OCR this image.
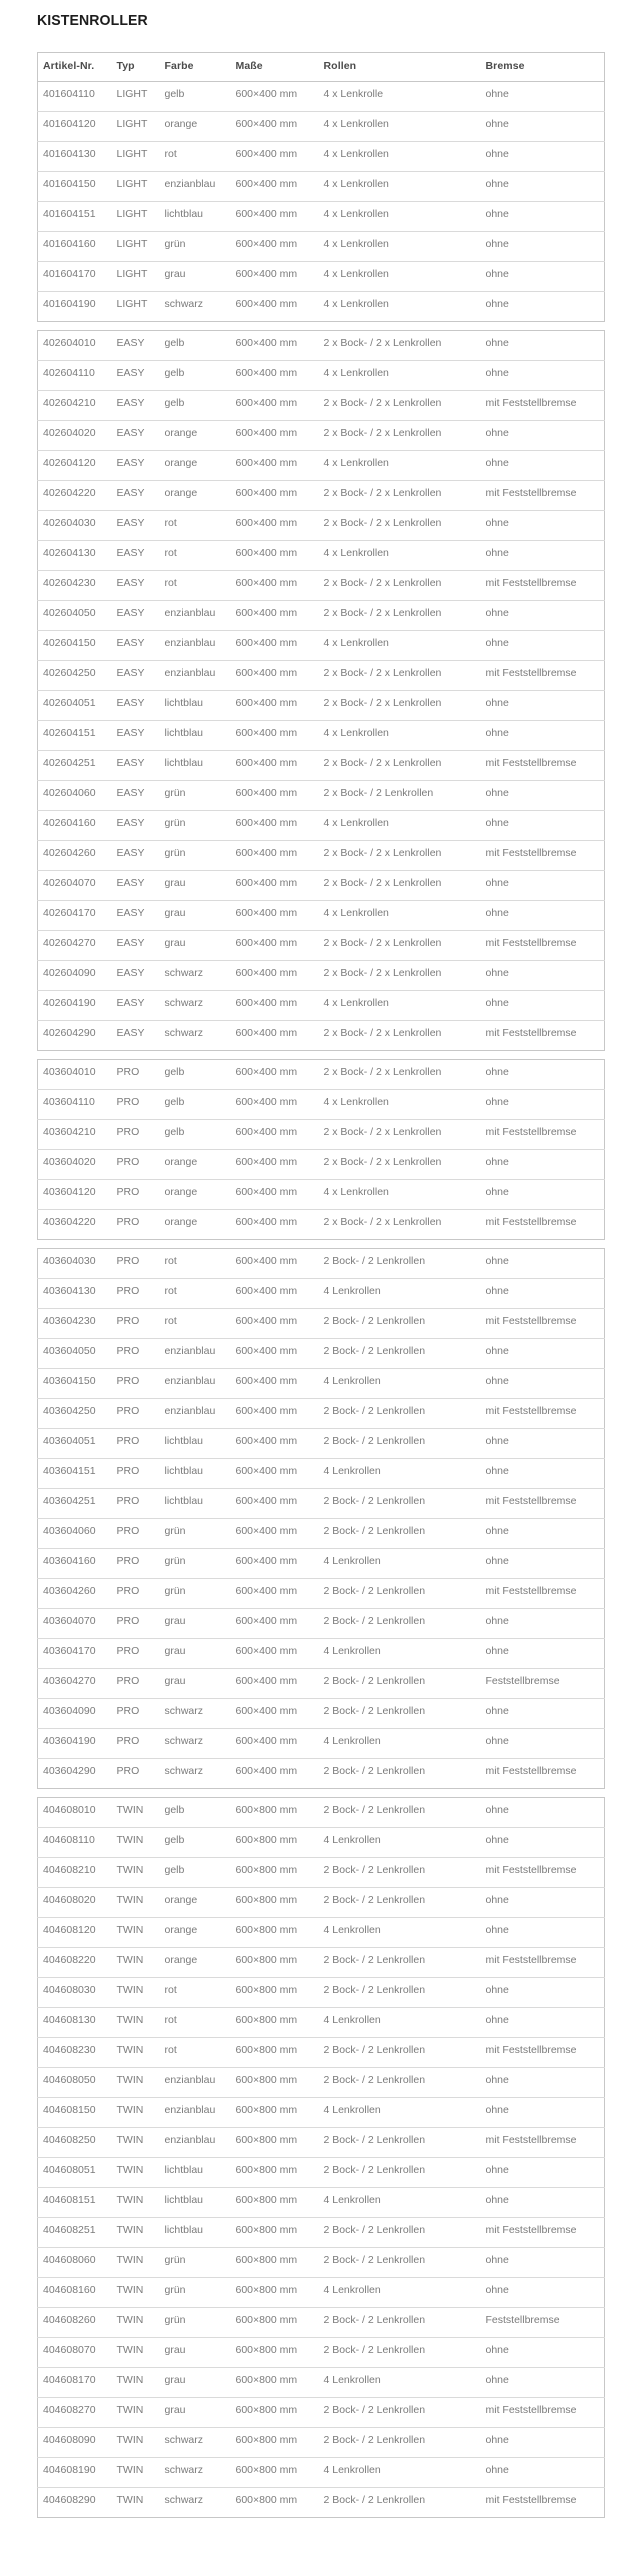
KISTENROLLER
Artikel-Nr.	Typ	Farbe	Maße	Rollen	Bremse
401604110	LIGHT	gelb	600×400 mm	4 x Lenkrolle	ohne
401604120	LIGHT	orange	600×400 mm	4 x Lenkrollen	ohne
401604130	LIGHT	rot	600×400 mm	4 x Lenkrollen	ohne
401604150	LIGHT	enzianblau	600×400 mm	4 x Lenkrollen	ohne
401604151	LIGHT	lichtblau	600×400 mm	4 x Lenkrollen	ohne
401604160	LIGHT	grün	600×400 mm	4 x Lenkrollen	ohne
401604170	LIGHT	grau	600×400 mm	4 x Lenkrollen	ohne
401604190	LIGHT	schwarz	600×400 mm	4 x Lenkrollen	ohne
402604010	EASY	gelb	600×400 mm	2 x Bock- / 2 x Lenkrollen	ohne
402604110	EASY	gelb	600×400 mm	4 x Lenkrollen	ohne
402604210	EASY	gelb	600×400 mm	2 x Bock- / 2 x Lenkrollen	mit Feststellbremse
402604020	EASY	orange	600×400 mm	2 x Bock- / 2 x Lenkrollen	ohne
402604120	EASY	orange	600×400 mm	4 x Lenkrollen	ohne
402604220	EASY	orange	600×400 mm	2 x Bock- / 2 x Lenkrollen	mit Feststellbremse
402604030	EASY	rot	600×400 mm	2 x Bock- / 2 x Lenkrollen	ohne
402604130	EASY	rot	600×400 mm	4 x Lenkrollen	ohne
402604230	EASY	rot	600×400 mm	2 x Bock- / 2 x Lenkrollen	mit Feststellbremse
402604050	EASY	enzianblau	600×400 mm	2 x Bock- / 2 x Lenkrollen	ohne
402604150	EASY	enzianblau	600×400 mm	4 x Lenkrollen	ohne
402604250	EASY	enzianblau	600×400 mm	2 x Bock- / 2 x Lenkrollen	mit Feststellbremse
402604051	EASY	lichtblau	600×400 mm	2 x Bock- / 2 x Lenkrollen	ohne
402604151	EASY	lichtblau	600×400 mm	4 x Lenkrollen	ohne
402604251	EASY	lichtblau	600×400 mm	2 x Bock- / 2 x Lenkrollen	mit Feststellbremse
402604060	EASY	grün	600×400 mm	2 x Bock- / 2 Lenkrollen	ohne
402604160	EASY	grün	600×400 mm	4 x Lenkrollen	ohne
402604260	EASY	grün	600×400 mm	2 x Bock- / 2 x Lenkrollen	mit Feststellbremse
402604070	EASY	grau	600×400 mm	2 x Bock- / 2 x Lenkrollen	ohne
402604170	EASY	grau	600×400 mm	4 x Lenkrollen	ohne
402604270	EASY	grau	600×400 mm	2 x Bock- / 2 x Lenkrollen	mit Feststellbremse
402604090	EASY	schwarz	600×400 mm	2 x Bock- / 2 x Lenkrollen	ohne
402604190	EASY	schwarz	600×400 mm	4 x Lenkrollen	ohne
402604290	EASY	schwarz	600×400 mm	2 x Bock- / 2 x Lenkrollen	mit Feststellbremse
403604010	PRO	gelb	600×400 mm	2 x Bock- / 2 x Lenkrollen	ohne
403604110	PRO	gelb	600×400 mm	4 x Lenkrollen	ohne
403604210	PRO	gelb	600×400 mm	2 x Bock- / 2 x Lenkrollen	mit Feststellbremse
403604020	PRO	orange	600×400 mm	2 x Bock- / 2 x Lenkrollen	ohne
403604120	PRO	orange	600×400 mm	4 x Lenkrollen	ohne
403604220	PRO	orange	600×400 mm	2 x Bock- / 2 x Lenkrollen	mit Feststellbremse
403604030	PRO	rot	600×400 mm	2 Bock- / 2 Lenkrollen	ohne
403604130	PRO	rot	600×400 mm	4 Lenkrollen	ohne
403604230	PRO	rot	600×400 mm	2 Bock- / 2 Lenkrollen	mit Feststellbremse
403604050	PRO	enzianblau	600×400 mm	2 Bock- / 2 Lenkrollen	ohne
403604150	PRO	enzianblau	600×400 mm	4 Lenkrollen	ohne
403604250	PRO	enzianblau	600×400 mm	2 Bock- / 2 Lenkrollen	mit Feststellbremse
403604051	PRO	lichtblau	600×400 mm	2 Bock- / 2 Lenkrollen	ohne
403604151	PRO	lichtblau	600×400 mm	4 Lenkrollen	ohne
403604251	PRO	lichtblau	600×400 mm	2 Bock- / 2 Lenkrollen	mit Feststellbremse
403604060	PRO	grün	600×400 mm	2 Bock- / 2 Lenkrollen	ohne
403604160	PRO	grün	600×400 mm	4 Lenkrollen	ohne
403604260	PRO	grün	600×400 mm	2 Bock- / 2 Lenkrollen	mit Feststellbremse
403604070	PRO	grau	600×400 mm	2 Bock- / 2 Lenkrollen	ohne
403604170	PRO	grau	600×400 mm	4 Lenkrollen	ohne
403604270	PRO	grau	600×400 mm	2 Bock- / 2 Lenkrollen	Feststellbremse
403604090	PRO	schwarz	600×400 mm	2 Bock- / 2 Lenkrollen	ohne
403604190	PRO	schwarz	600×400 mm	4 Lenkrollen	ohne
403604290	PRO	schwarz	600×400 mm	2 Bock- / 2 Lenkrollen	mit Feststellbremse
404608010	TWIN	gelb	600×800 mm	2 Bock- / 2 Lenkrollen	ohne
404608110	TWIN	gelb	600×800 mm	4 Lenkrollen	ohne
404608210	TWIN	gelb	600×800 mm	2 Bock- / 2 Lenkrollen	mit Feststellbremse
404608020	TWIN	orange	600×800 mm	2 Bock- / 2 Lenkrollen	ohne
404608120	TWIN	orange	600×800 mm	4 Lenkrollen	ohne
404608220	TWIN	orange	600×800 mm	2 Bock- / 2 Lenkrollen	mit Feststellbremse
404608030	TWIN	rot	600×800 mm	2 Bock- / 2 Lenkrollen	ohne
404608130	TWIN	rot	600×800 mm	4 Lenkrollen	ohne
404608230	TWIN	rot	600×800 mm	2 Bock- / 2 Lenkrollen	mit Feststellbremse
404608050	TWIN	enzianblau	600×800 mm	2 Bock- / 2 Lenkrollen	ohne
404608150	TWIN	enzianblau	600×800 mm	4 Lenkrollen	ohne
404608250	TWIN	enzianblau	600×800 mm	2 Bock- / 2 Lenkrollen	mit Feststellbremse
404608051	TWIN	lichtblau	600×800 mm	2 Bock- / 2 Lenkrollen	ohne
404608151	TWIN	lichtblau	600×800 mm	4 Lenkrollen	ohne
404608251	TWIN	lichtblau	600×800 mm	2 Bock- / 2 Lenkrollen	mit Feststellbremse
404608060	TWIN	grün	600×800 mm	2 Bock- / 2 Lenkrollen	ohne
404608160	TWIN	grün	600×800 mm	4 Lenkrollen	ohne
404608260	TWIN	grün	600×800 mm	2 Bock- / 2 Lenkrollen	Feststellbremse
404608070	TWIN	grau	600×800 mm	2 Bock- / 2 Lenkrollen	ohne
404608170	TWIN	grau	600×800 mm	4 Lenkrollen	ohne
404608270	TWIN	grau	600×800 mm	2 Bock- / 2 Lenkrollen	mit Feststellbremse
404608090	TWIN	schwarz	600×800 mm	2 Bock- / 2 Lenkrollen	ohne
404608190	TWIN	schwarz	600×800 mm	4 Lenkrollen	ohne
404608290	TWIN	schwarz	600×800 mm	2 Bock- / 2 Lenkrollen	mit Feststellbremse
